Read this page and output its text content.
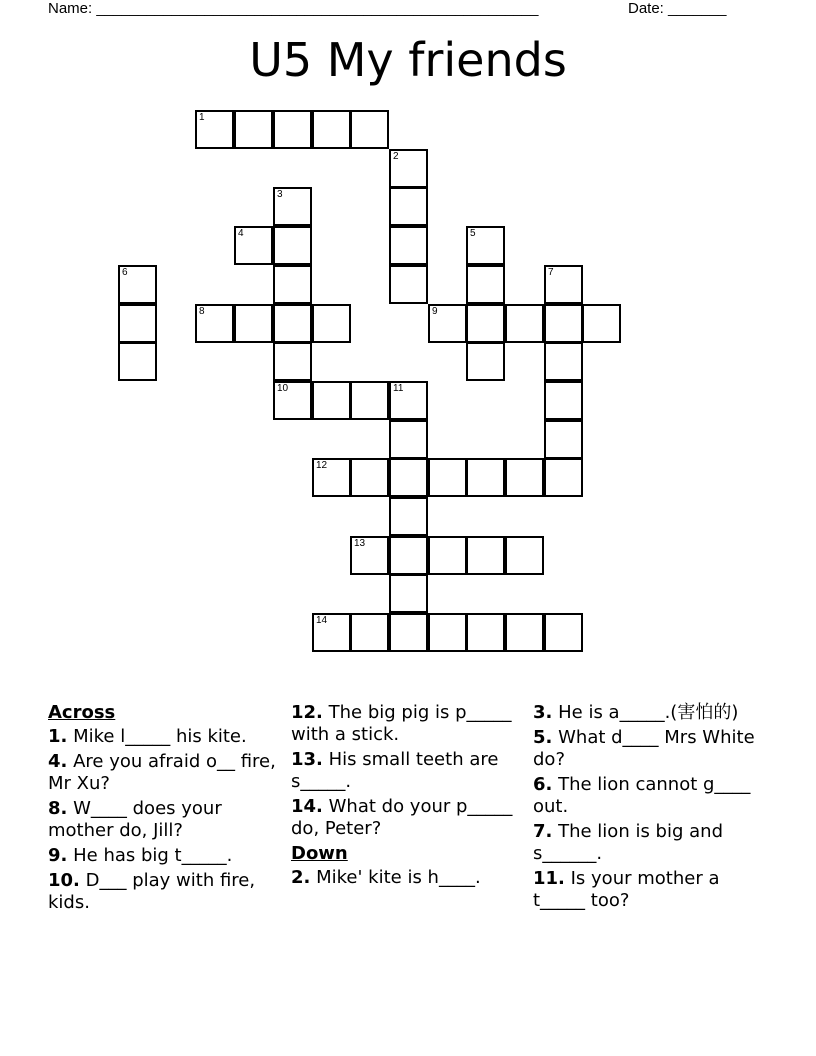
Name: _____________________________________________________	Date: _______
U5 My friends
1
2
3
10
4	5
6	7
8	9
11
12
13
14
Across
1. Mike l_____ his kite.
4. Are you afraid o__ fire, Mr Xu?
8. W____ does your mother do, Jill?
9. He has big t_____.
10. D___ play with fire, kids.
12. The big pig is p_____ with a stick.
13. His small teeth are s_____.
14. What do your p_____ do, Peter?
Down
2. Mike' kite is h____.
3. He is a_____.(害怕的)
5. What d____ Mrs White do?
6. The lion cannot g____ out.
7. The lion is big and s______.
11. Is your mother a t_____ too?
